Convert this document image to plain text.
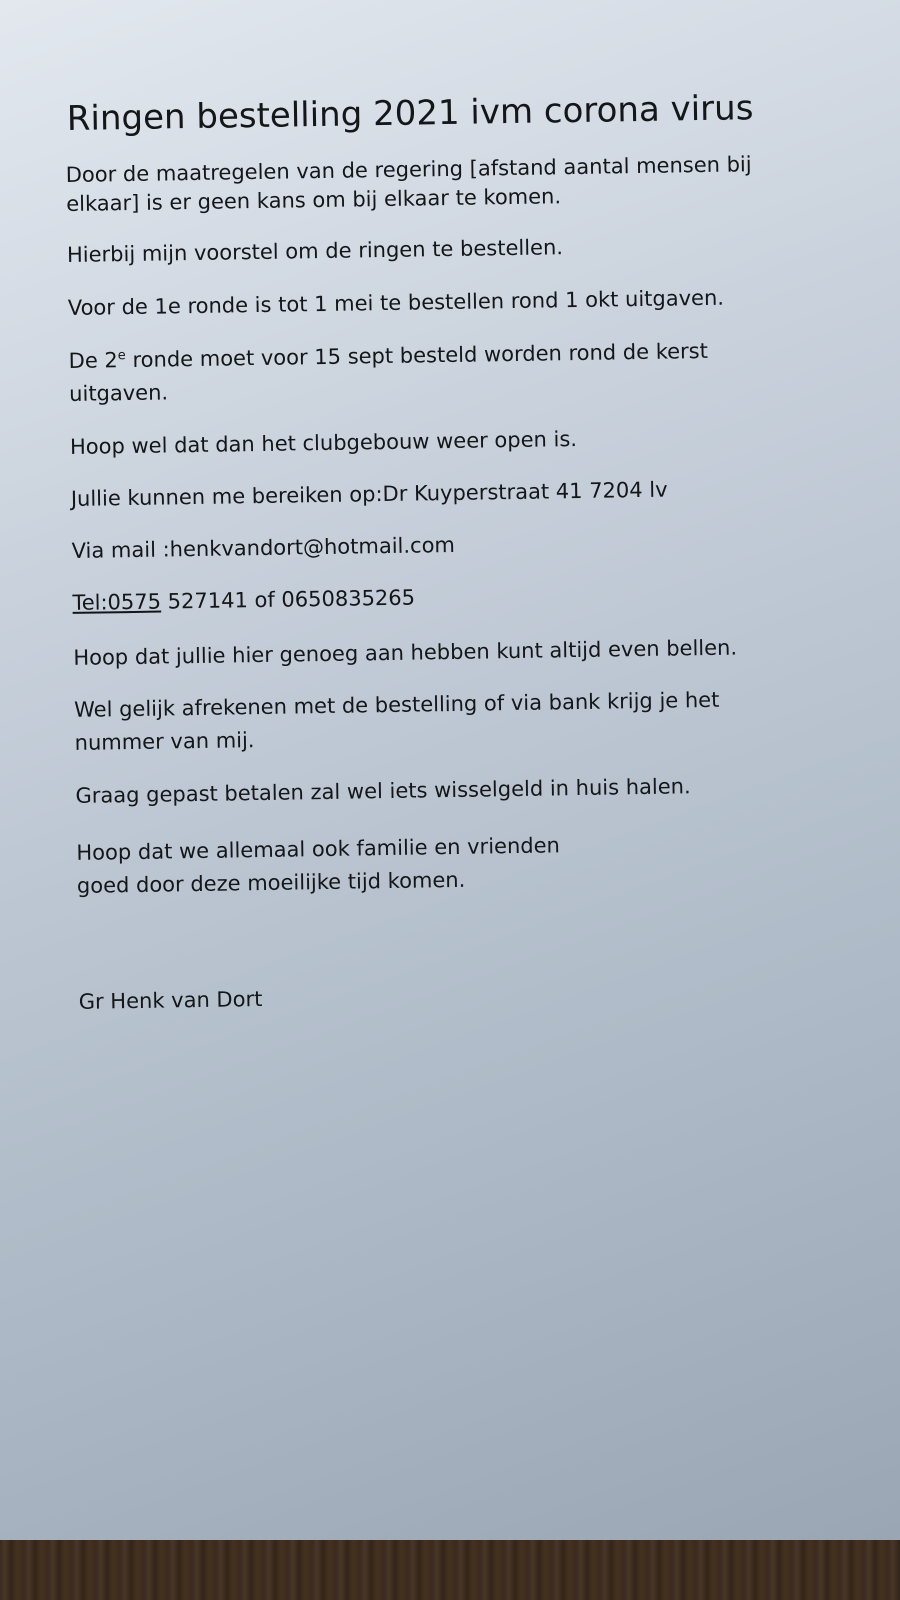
Ringen bestelling 2021 ivm corona virus
Door de maatregelen van de regering [afstand aantal mensen bij
elkaar] is er geen kans om bij elkaar te komen.
Hierbij mijn voorstel om de ringen te bestellen.
Voor de 1e ronde is tot 1 mei te bestellen rond 1 okt uitgaven.
De 2e ronde moet voor 15 sept besteld worden rond de kerst
uitgaven.
Hoop wel dat dan het clubgebouw weer open is.
Jullie kunnen me bereiken op:Dr Kuyperstraat 41 7204 lv
Via mail :henkvandort@hotmail.com
Tel:0575 527141 of 0650835265
Hoop dat jullie hier genoeg aan hebben kunt altijd even bellen.
Wel gelijk afrekenen met de bestelling of via bank krijg je het
nummer van mij.
Graag gepast betalen zal wel iets wisselgeld in huis halen.
Hoop dat we allemaal ook familie en vrienden
goed door deze moeilijke tijd komen.
Gr Henk van Dort
